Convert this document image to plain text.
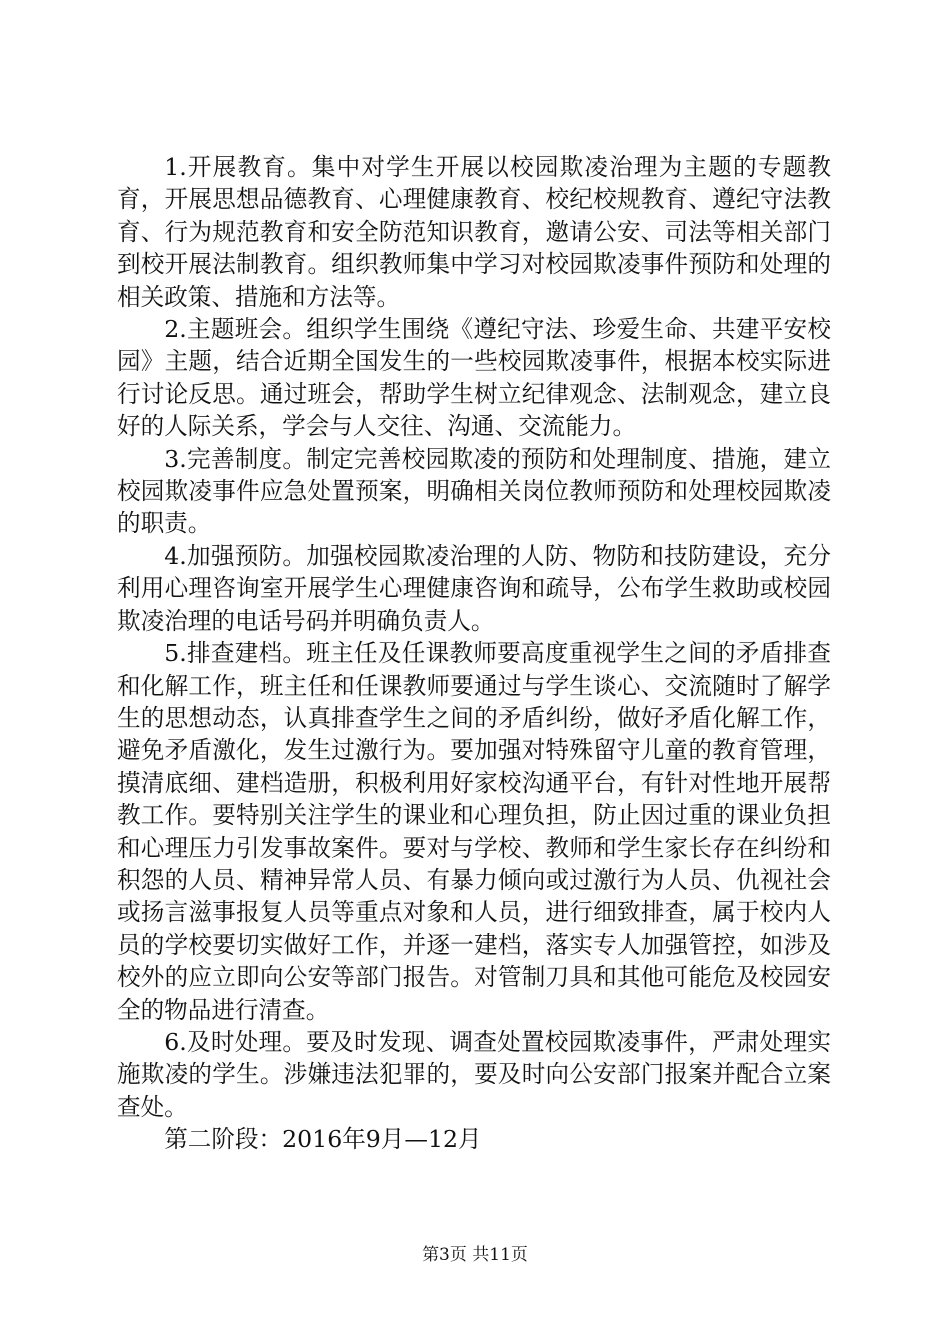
1.开展教育。集中对学生开展以校园欺凌治理为主题的专题教育，开展思想品德教育、心理健康教育、校纪校规教育、遵纪守法教育、行为规范教育和安全防范知识教育，邀请公安、司法等相关部门到校开展法制教育。组织教师集中学习对校园欺凌事件预防和处理的相关政策、措施和方法等。

2.主题班会。组织学生围绕《遵纪守法、珍爱生命、共建平安校园》主题，结合近期全国发生的一些校园欺凌事件，根据本校实际进行讨论反思。通过班会，帮助学生树立纪律观念、法制观念，建立良好的人际关系，学会与人交往、沟通、交流能力。

3.完善制度。制定完善校园欺凌的预防和处理制度、措施，建立校园欺凌事件应急处置预案，明确相关岗位教师预防和处理校园欺凌的职责。

4.加强预防。加强校园欺凌治理的人防、物防和技防建设，充分利用心理咨询室开展学生心理健康咨询和疏导，公布学生救助或校园欺凌治理的电话号码并明确负责人。

5.排查建档。班主任及任课教师要高度重视学生之间的矛盾排查和化解工作，班主任和任课教师要通过与学生谈心、交流随时了解学生的思想动态，认真排查学生之间的矛盾纠纷，做好矛盾化解工作，避免矛盾激化，发生过激行为。要加强对特殊留守儿童的教育管理，摸清底细、建档造册，积极利用好家校沟通平台，有针对性地开展帮教工作。要特别关注学生的课业和心理负担，防止因过重的课业负担和心理压力引发事故案件。要对与学校、教师和学生家长存在纠纷和积怨的人员、精神异常人员、有暴力倾向或过激行为人员、仇视社会或扬言滋事报复人员等重点对象和人员，进行细致排查，属于校内人员的学校要切实做好工作，并逐一建档，落实专人加强管控，如涉及校外的应立即向公安等部门报告。对管制刀具和其他可能危及校园安全的物品进行清查。

6.及时处理。要及时发现、调查处置校园欺凌事件，严肃处理实施欺凌的学生。涉嫌违法犯罪的，要及时向公安部门报案并配合立案查处。

第二阶段：2016年9月—12月

第3页 共11页
